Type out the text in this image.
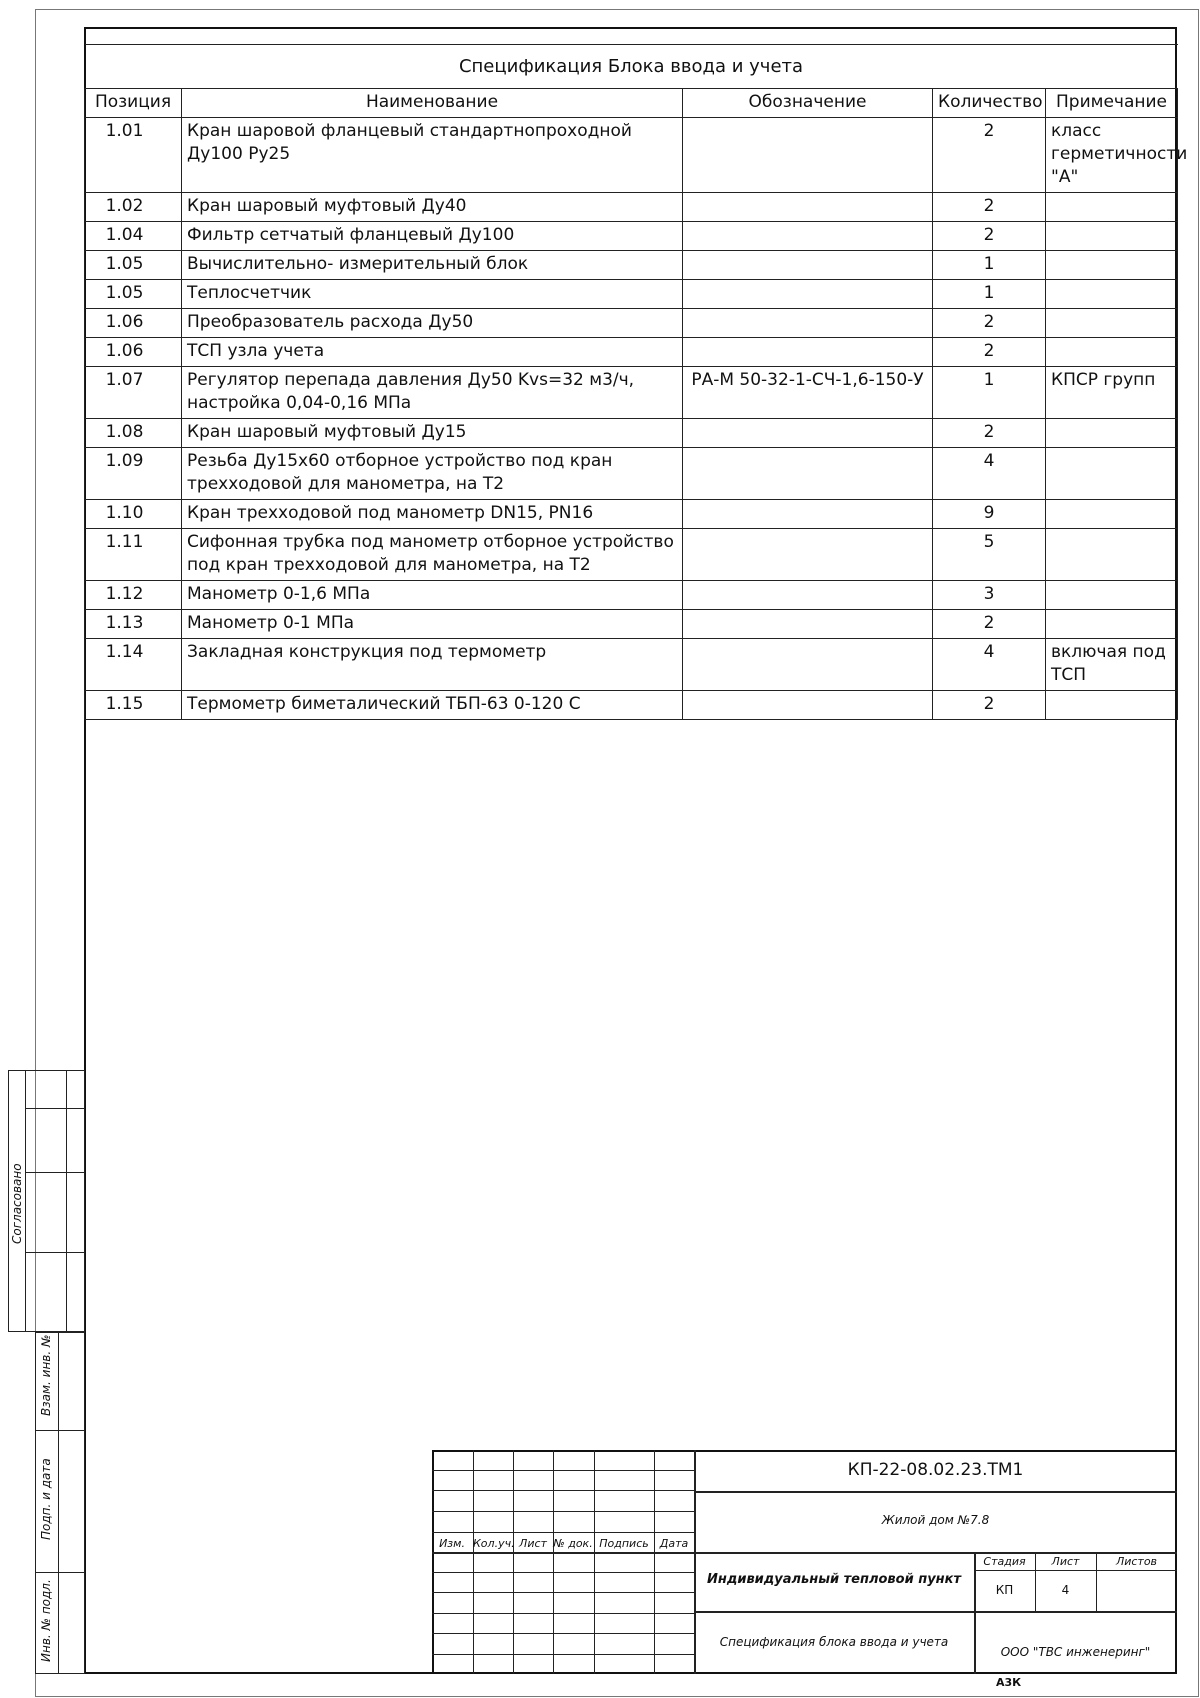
Спецификация Блока ввода и учета				
Позиция	Наименование	Обозначение	Количество	Примечание
1.01	Кран шаровой фланцевый стандартнопроходной Ду100 Ру25		2	класс герметичности "А"
1.02	Кран шаровый муфтовый Ду40		2	
1.04	Фильтр сетчатый фланцевый Ду100		2	
1.05	Вычислительно- измерительный блок		1	
1.05	Теплосчетчик		1	
1.06	Преобразователь расхода Ду50		2	
1.06	ТСП узла учета		2	
1.07	Регулятор перепада давления Ду50 Kvs=32 м3/ч, настройка 0,04-0,16 МПа	РА-М 50-32-1-СЧ-1,6-150-У	1	КПСР групп
1.08	Кран шаровый муфтовый Ду15		2	
1.09	Резьба Ду15х60 отборное устройство под кран трехходовой для манометра, на Т2		4	
1.10	Кран трехходовой под манометр DN15, PN16		9	
1.11	Сифонная трубка под манометр отборное устройство под кран трехходовой для манометра, на Т2		5	
1.12	Манометр 0-1,6 МПа		3	
1.13	Манометр 0-1 МПа		2	
1.14	Закладная конструкция под термометр		4	включая под ТСП
1.15	Термометр биметалический ТБП-63 0-120 С		2	
Согласовано
Взам. инв. №
Подп. и дата
Инв. № подл.
Изм. Кол.уч. Лист № док. Подпись	Дата
КП-22-08.02.23.ТМ1
Жилой дом №7.8
Индивидуальный тепловой пункт
Спецификация блока ввода и учета
Стадия	Лист	Листов
КП	4
ООО "ТВС инженеринг"
А3К
